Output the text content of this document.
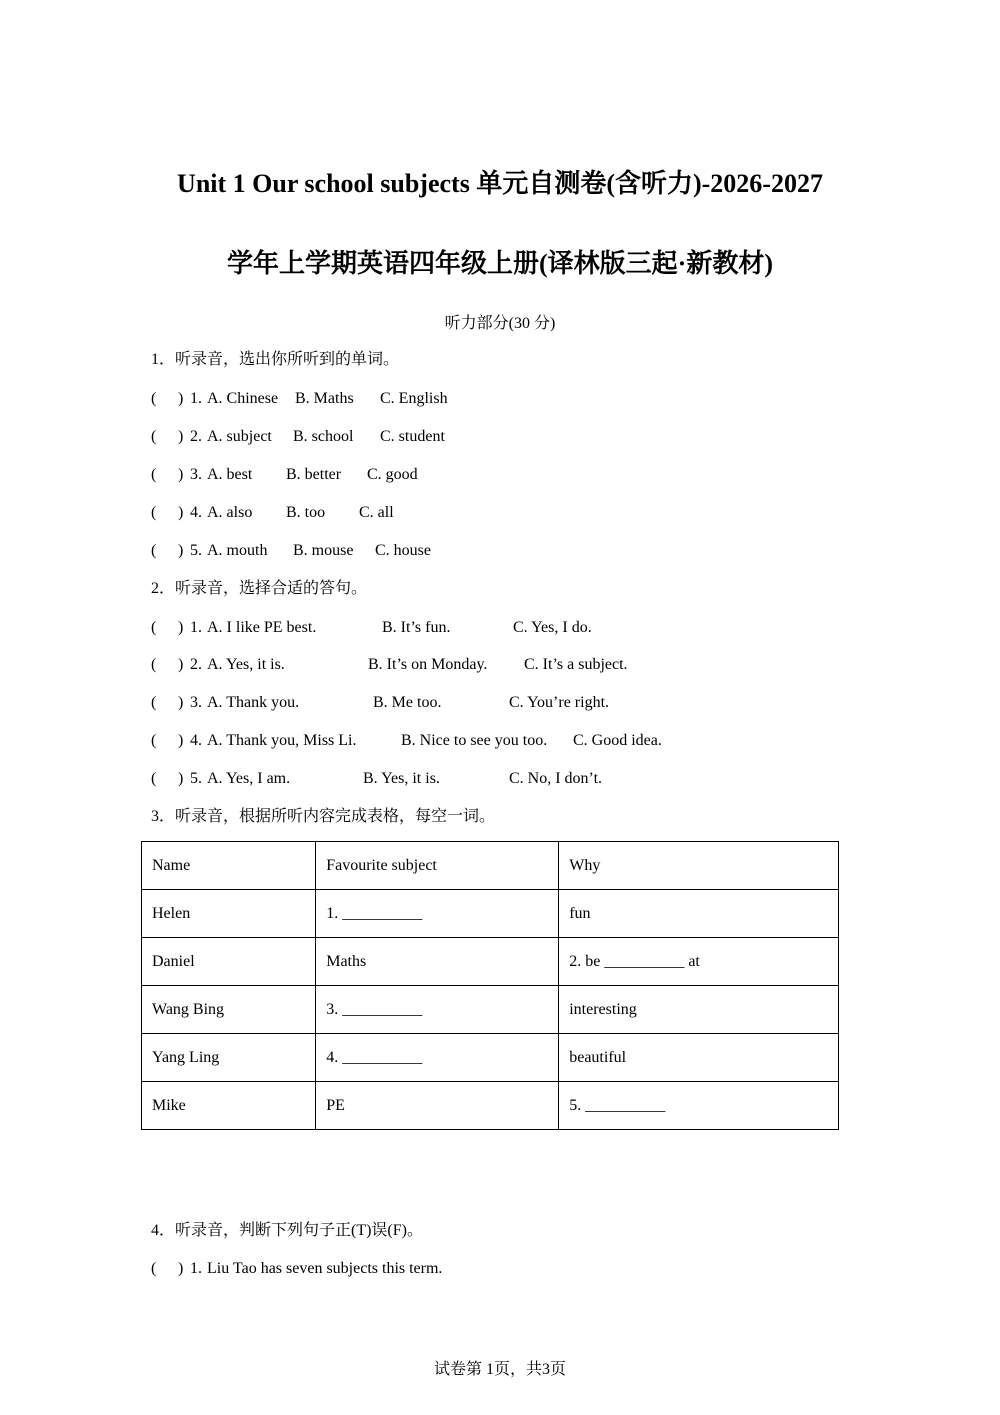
Unit 1 Our school subjects 单元自测卷(含听力)-2026-2027
学年上学期英语四年级上册(译林版三起·新教材)
听力部分(30 分)
1．听录音，选出你所听到的单词。
( ) 1. A. Chinese B. Maths C. English
( ) 2. A. subject B. school C. student
( ) 3. A. best B. better C. good
( ) 4. A. also B. too C. all
( ) 5. A. mouth B. mouse C. house
2．听录音，选择合适的答句。
( ) 1. A. I like PE best.	B. It’s fun.	C. Yes, I do.
( ) 2. A. Yes, it is.	B. It’s on Monday. C. It’s a subject.
( ) 3. A. Thank you.	B. Me too.	C. You’re right.
( ) 4. A. Thank you, Miss Li.	B. Nice to see you too. C. Good idea.
( ) 5. A. Yes, I am.	B. Yes, it is.	C. No, I don’t.
3．听录音，根据所听内容完成表格，每空一词。
Name	Favourite subject	Why
Helen	1. __________	fun
Daniel	Maths	2. be __________ at
Wang Bing	3. __________	interesting
Yang Ling	4. __________	beautiful
Mike	PE	5. __________
4．听录音，判断下列句子正(T)误(F)。
( ) 1. Liu Tao has seven subjects this term.
试卷第 1页，共3页
